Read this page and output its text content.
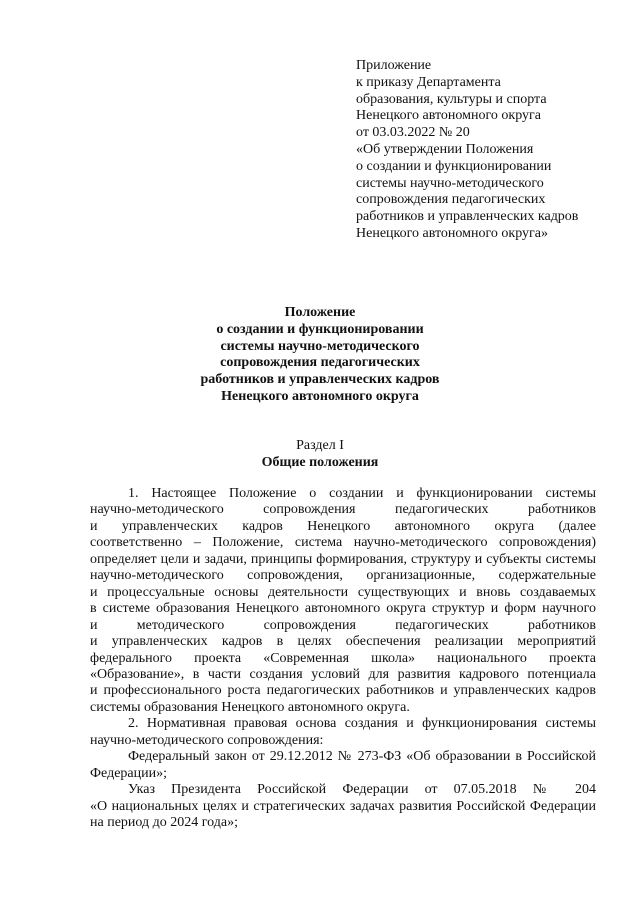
Приложение
к приказу Департамента
образования, культуры и спорта
Ненецкого автономного округа
от 03.03.2022 № 20
«Об утверждении Положения
о создании и функционировании
системы научно-методического
сопровождения педагогических
работников и управленческих кадров
Ненецкого автономного округа»
Положение
о создании и функционировании
системы научно-методического
сопровождения педагогических
работников и управленческих кадров
Ненецкого автономного округа
Раздел I
Общие положения
1. Настоящее Положение о создании и функционировании системы
научно-методического сопровождения педагогических работников
и управленческих кадров Ненецкого автономного округа (далее
соответственно – Положение, система научно-методического сопровождения)
определяет цели и задачи, принципы формирования, структуру и субъекты системы
научно-методического сопровождения, организационные, содержательные
и процессуальные основы деятельности существующих и вновь создаваемых
в системе образования Ненецкого автономного округа структур и форм научного
и методического сопровождения педагогических работников
и управленческих кадров в целях обеспечения реализации мероприятий
федерального проекта «Современная школа» национального проекта
«Образование», в части создания условий для развития кадрового потенциала
и профессионального роста педагогических работников и управленческих кадров
системы образования Ненецкого автономного округа.
2. Нормативная правовая основа создания и функционирования системы
научно-методического сопровождения:
Федеральный закон от 29.12.2012 № 273-ФЗ «Об образовании в Российской
Федерации»;
Указ Президента Российской Федерации от 07.05.2018 № 204
«О национальных целях и стратегических задачах развития Российской Федерации
на период до 2024 года»;
